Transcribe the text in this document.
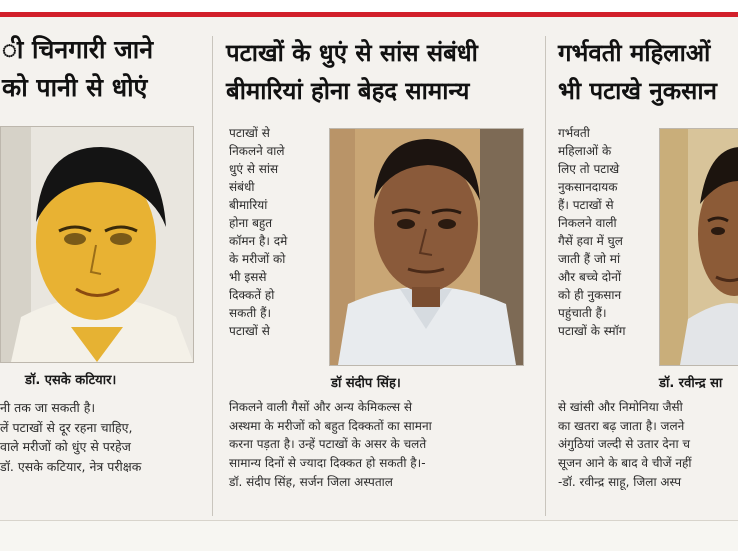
ी चिनगारी जाने
को पानी से धोएं
डॉ. एसके कटियार।
नी तक जा सकती है।
लें पटाखों से दूर रहना चाहिए,
वाले मरीजों को धुंए से परहेज
डॉ. एसके कटियार, नेत्र परीक्षक
पटाखों के धुएं से सांस संबंधी
बीमारियां होना बेहद सामान्य
पटाखों से
निकलने वाले
धुएं से सांस
संबंधी
बीमारियां
होना बहुत
कॉमन है। दमे
के मरीजों को
भी इससे
दिक्कतें हो
सकती हैं।
पटाखों से
डॉ संदीप सिंह।
निकलने वाली गैसों और अन्य केमिकल्स से
अस्थमा के मरीजों को बहुत दिक्कतों का सामना
करना पड़ता है। उन्हें पटाखों के असर के चलते
सामान्य दिनों से ज्यादा दिक्कत हो सकती है।-
डॉ. संदीप सिंह, सर्जन जिला अस्पताल
गर्भवती महिलाओं
भी पटाखे नुकसान
गर्भवती
महिलाओं के
लिए तो पटाखे
नुकसानदायक
हैं। पटाखों से
निकलने वाली
गैसें हवा में घुल
जाती हैं जो मां
और बच्चे दोनों
को ही नुकसान
पहुंचाती हैं।
पटाखों के स्मॉग
डॉ. रवीन्द्र सा
से खांसी और निमोनिया जैसी
का खतरा बढ़ जाता है। जलने
अंगुठियां जल्दी से उतार देना च
सूजन आने के बाद वे चीजें नहीं
-डॉ. रवीन्द्र साहू, जिला अस्प
